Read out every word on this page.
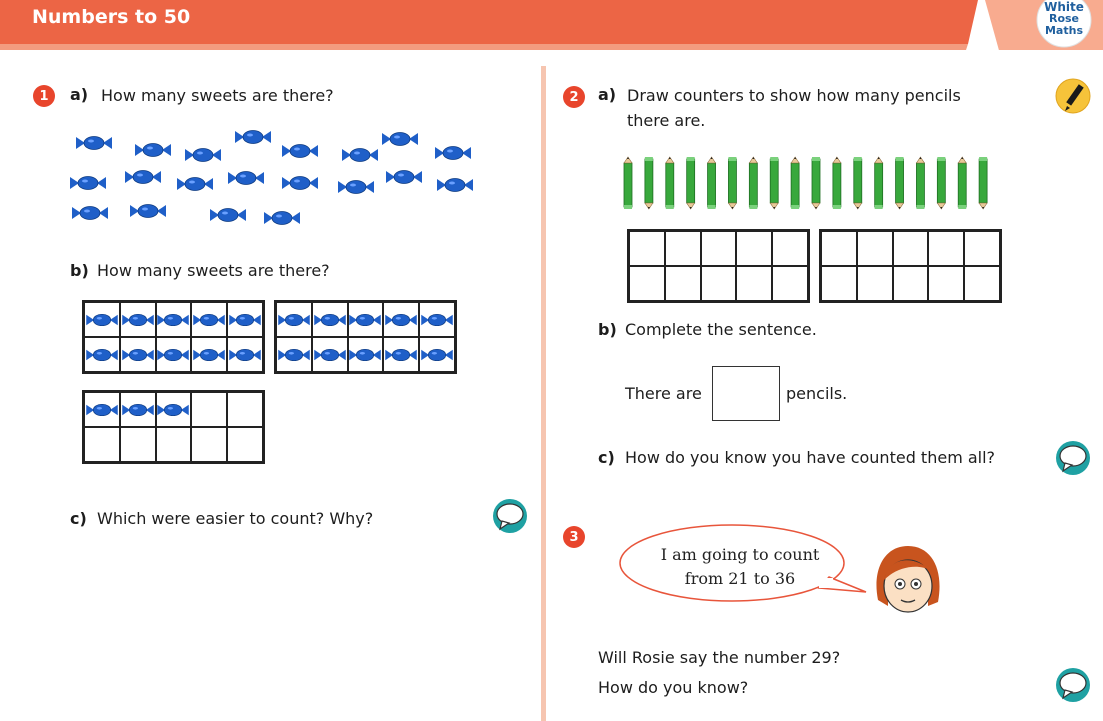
Numbers to 50	White
Rose
Maths
1	a) How many sweets are there?
b) How many sweets are there?
c) Which were easier to count? Why?
2	a) Draw counters to show how many pencils
there are.
b) Complete the sentence.
There are	pencils.
c) How do you know you have counted them all?
3
I am going to count
from 21 to 36
Will Rosie say the number 29?
How do you know?
